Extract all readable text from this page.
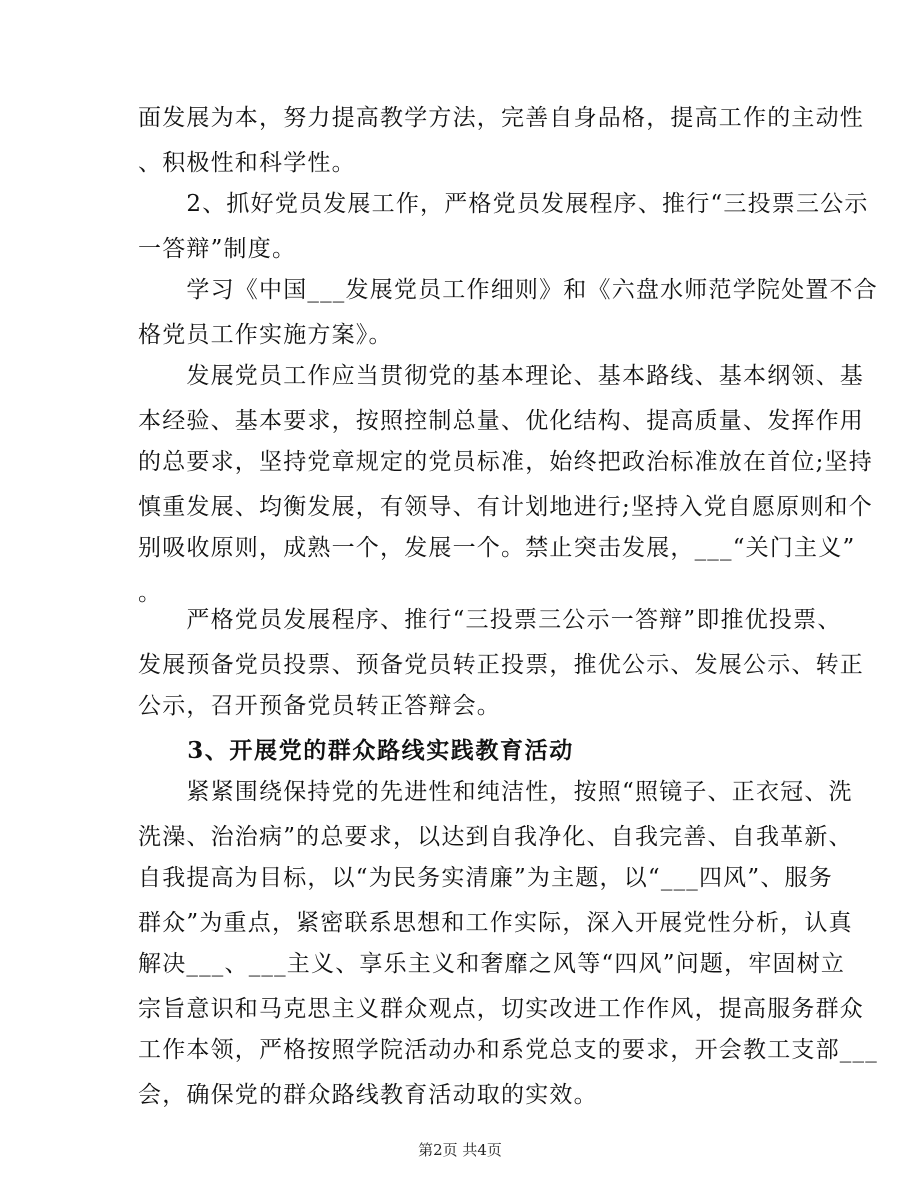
面发展为本，努力提高教学方法，完善自身品格，提高工作的主动性
、积极性和科学性。
　　2、抓好党员发展工作，严格党员发展程序、推行“三投票三公示
一答辩”制度。
　　学习《中国___发展党员工作细则》和《六盘水师范学院处置不合
格党员工作实施方案》。
　　发展党员工作应当贯彻党的基本理论、基本路线、基本纲领、基
本经验、基本要求，按照控制总量、优化结构、提高质量、发挥作用
的总要求，坚持党章规定的党员标准，始终把政治标准放在首位;坚持
慎重发展、均衡发展，有领导、有计划地进行;坚持入党自愿原则和个
别吸收原则，成熟一个，发展一个。禁止突击发展，___“关门主义”
。
　　严格党员发展程序、推行“三投票三公示一答辩”即推优投票、
发展预备党员投票、预备党员转正投票，推优公示、发展公示、转正
公示，召开预备党员转正答辩会。
　　3、开展党的群众路线实践教育活动
　　紧紧围绕保持党的先进性和纯洁性，按照“照镜子、正衣冠、洗
洗澡、治治病”的总要求，以达到自我净化、自我完善、自我革新、
自我提高为目标，以“为民务实清廉”为主题，以“___四风”、服务
群众”为重点，紧密联系思想和工作实际，深入开展党性分析，认真
解决___、___主义、享乐主义和奢靡之风等“四风”问题，牢固树立
宗旨意识和马克思主义群众观点，切实改进工作作风，提高服务群众
工作本领，严格按照学院活动办和系党总支的要求，开会教工支部___
会，确保党的群众路线教育活动取的实效。
第2页 共4页
